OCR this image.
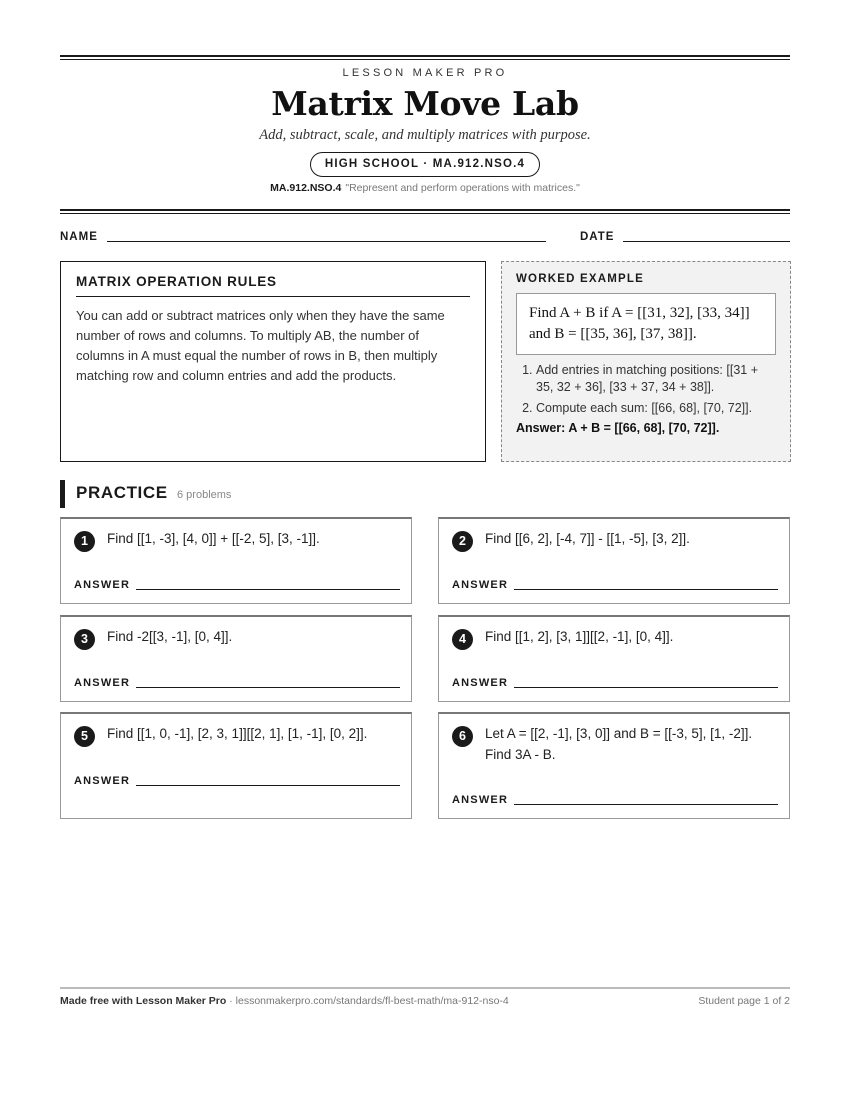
LESSON MAKER PRO
Matrix Move Lab
Add, subtract, scale, and multiply matrices with purpose.
HIGH SCHOOL · MA.912.NSO.4
MA.912.NSO.4 "Represent and perform operations with matrices."
NAME	DATE
MATRIX OPERATION RULES
You can add or subtract matrices only when they have the same number of rows and columns. To multiply AB, the number of columns in A must equal the number of rows in B, then multiply matching row and column entries and add the products.
WORKED EXAMPLE
Find A + B if A = [[31, 32], [33, 34]] and B = [[35, 36], [37, 38]].
1. Add entries in matching positions: [[31 + 35, 32 + 36], [33 + 37, 34 + 38]].
2. Compute each sum: [[66, 68], [70, 72]].
Answer: A + B = [[66, 68], [70, 72]].
PRACTICE 6 problems
1	Find [[1, -3], [4, 0]] + [[-2, 5], [3, -1]].
ANSWER
2	Find [[6, 2], [-4, 7]] - [[1, -5], [3, 2]].
ANSWER
3	Find -2[[3, -1], [0, 4]].
ANSWER
4	Find [[1, 2], [3, 1]][[2, -1], [0, 4]].
ANSWER
5	Find [[1, 0, -1], [2, 3, 1]][[2, 1], [1, -1], [0, 2]].
ANSWER
6	Let A = [[2, -1], [3, 0]] and B = [[-3, 5], [1, -2]]. Find 3A - B.
ANSWER
Made free with Lesson Maker Pro · lessonmakerpro.com/standards/fl-best-math/ma-912-nso-4	Student page 1 of 2
